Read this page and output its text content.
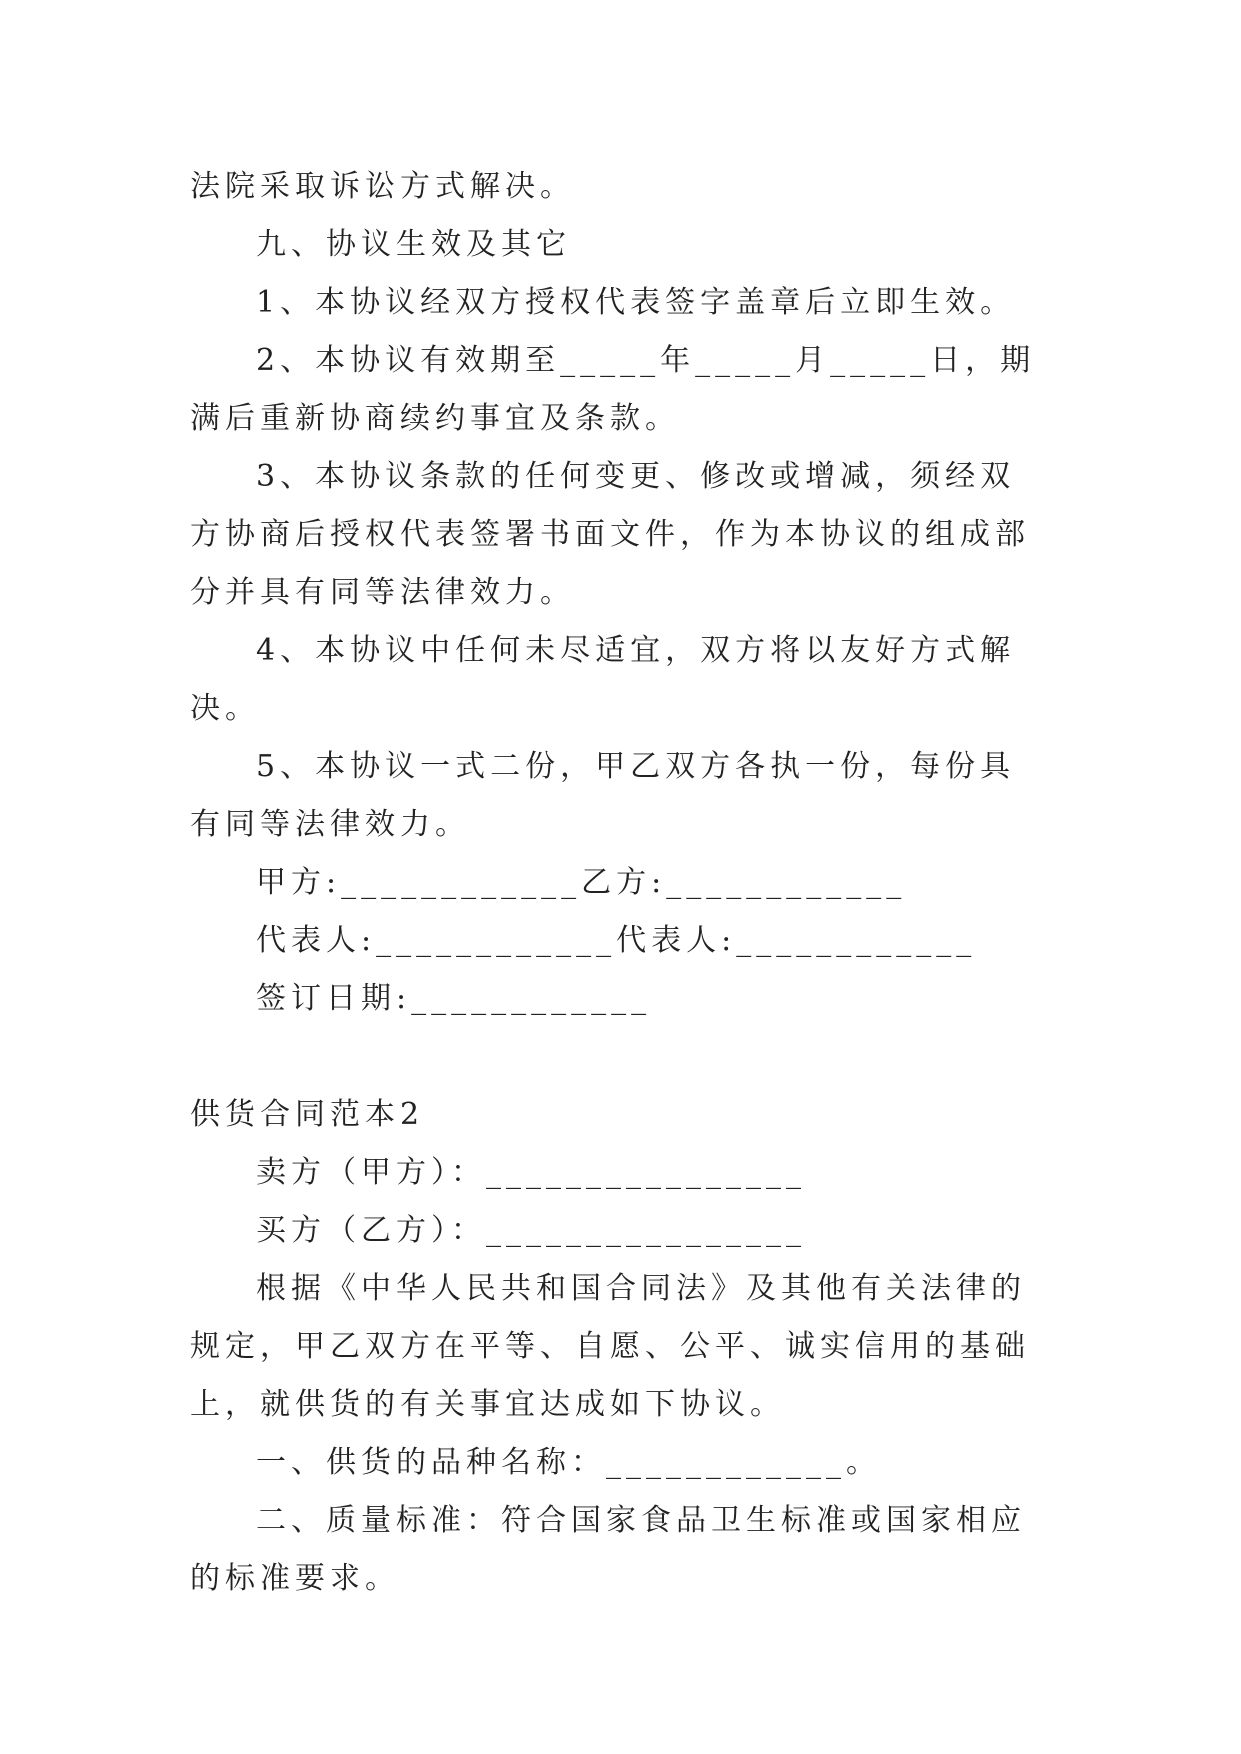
法院采取诉讼方式解决。

九、协议生效及其它

1、本协议经双方授权代表签字盖章后立即生效。

2、本协议有效期至_____年_____月_____日，期满后重新协商续约事宜及条款。

3、本协议条款的任何变更、修改或增减，须经双方协商后授权代表签署书面文件，作为本协议的组成部分并具有同等法律效力。

4、本协议中任何未尽适宜，双方将以友好方式解决。

5、本协议一式二份，甲乙双方各执一份，每份具有同等法律效力。

甲方:____________乙方:____________

代表人:____________代表人:____________

签订日期:____________

供货合同范本2

卖方（甲方）：________________

买方（乙方）：________________

根据《中华人民共和国合同法》及其他有关法律的规定，甲乙双方在平等、自愿、公平、诚实信用的基础上，就供货的有关事宜达成如下协议。

一、供货的品种名称：____________。

二、质量标准：符合国家食品卫生标准或国家相应的标准要求。
